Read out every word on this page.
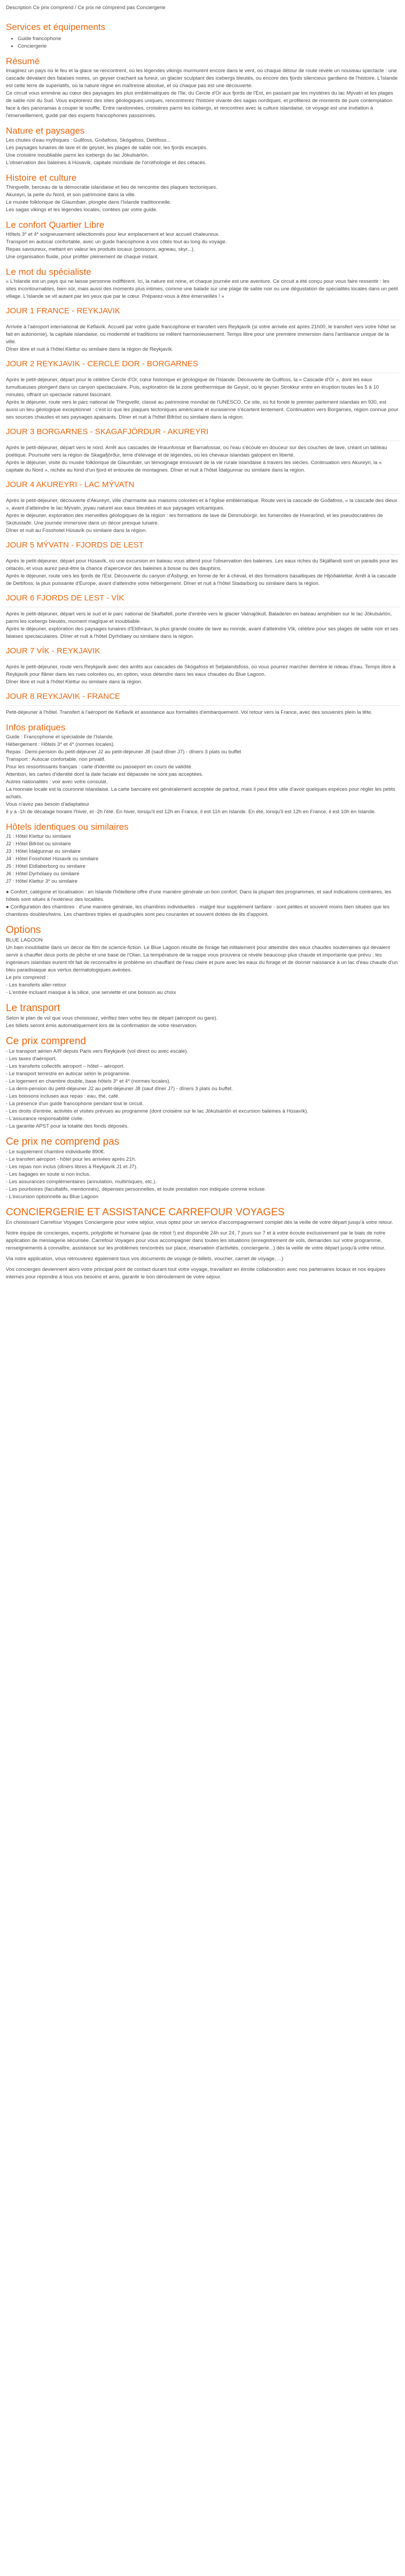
Description Ce prix comprend / Ce prix ne comprend pas Conciergerie
Services et équipements
• Guide francophone
• Conciergerie
Résumé

Imaginez un pays où le feu et la glace se rencontrent, où les légendes vikings murmurent encore dans le vent, où chaque détour de route révèle un nouveau spectacle : une cascade dévalant des falaises noires, un geyser crachant sa fureur, un glacier sculptant des icebergs bleutés, ou encore des fjords silencieux gardiens de l'histoire. L'Islande est cette terre de superlatifs, où la nature règne en maîtresse absolue, et où chaque pas est une découverte.

Ce circuit vous emmène au cœur des paysages les plus emblématiques de l'île, du Cercle d'Or aux fjords de l'Est, en passant par les mystères du lac Mývatn et les plages de sable noir du Sud. Vous explorerez des sites géologiques uniques, rencontrerez l'histoire vivante des sagas nordiques, et profiterez de moments de pure contemplation face à des panoramas à couper le souffle. Entre randonnées, croisières parmi les icebergs, et rencontres avec la culture islandaise, ce voyage est une invitation à l'émerveillement, guidé par des experts francophones passionnés.

Nature et paysages

Les chutes d'eau mythiques : Gullfoss, Goðafoss, Skógafoss, Dettifoss...

Les paysages lunaires de lave et de geyser, les plages de sable noir, les fjords escarpés.

Une croisière inoubliable parmi les icebergs du lac Jökulsárlón.

L'observation des baleines à Húsavík, capitale mondiale de l'ornithologie et des cétacés.

Histoire et culture

Thingvellir, berceau de la démocratie islandaise et lieu de rencontre des plaques tectoniques.

Akureyri, la perle du Nord, et son patrimoine dans la ville.

Le musée folklorique de Glaumbær, plongée dans l'Islande traditionnelle.

Les sagas vikings et les légendes locales, contées par votre guide.

Le confort Quartier Libre

Hôtels 3* et 4* soigneusement sélectionnés pour leur emplacement et leur accueil chaleureux.

Transport en autocar confortable, avec un guide francophone à vos côtés tout au long du voyage.

Repas savoureux, mettant en valeur les produits locaux (poissons, agneau, skyr...).

Une organisation fluide, pour profiter pleinement de chaque instant.

Le mot du spécialiste

« L'Islande est un pays qui ne laisse personne indifférent. Ici, la nature est reine, et chaque journée est une aventure. Ce circuit a été conçu pour vous faire ressentir : les sites incontournables, bien sûr, mais aussi des moments plus intimes, comme une balade sur une plage de sable noir ou une dégustation de spécialités locales dans un petit village. L'Islande se vit autant par les yeux que par le cœur. Préparez-vous à être émerveillés ! »

JOUR 1 FRANCE - REYKJAVIK

Arrivée à l'aéroport international de Keflavík. Accueil par votre guide francophone et transfert vers Reykjavík (si votre arrivée est après 21h00, le transfert vers votre hôtel se fait en autonomie), la capitale islandaise, où modernité et traditions se mêlent harmonieusement. Temps libre pour une première immersion dans l'ambiance unique de la ville.

Dîner libre et nuit à l'hôtel Klettur ou similaire dans la région de Reykjavík.

JOUR 2 REYKJAVIK - CERCLE DOR - BORGARNES

Après le petit-déjeuner, départ pour le célèbre Cercle d'Or, cœur historique et géologique de l'Islande. Découverte de Gullfoss, la « Cascade d'Or », dont les eaux tumultueuses plongent dans un canyon spectaculaire. Puis, exploration de la zone géothermique de Geysir, où le geyser Strokkur entre en éruption toutes les 5 à 10 minutes, offrant un spectacle naturel fascinant.

Après le déjeuner, route vers le parc national de Thingvellir, classé au patrimoine mondial de l'UNESCO. Ce site, où fut fondé le premier parlement islandais en 930, est aussi un lieu géologique exceptionnel : c'est ici que les plaques tectoniques américaine et eurasienne s'écartent lentement. Continuation vers Borgarnes, région connue pour ses sources chaudes et ses paysages apaisants. Dîner et nuit à l'hôtel Bifröst ou similaire dans la région.

JOUR 3 BORGARNES - SKAGAFJÖRDUR - AKUREYRI

Après le petit-déjeuner, départ vers le nord. Arrêt aux cascades de Hraunfossar et Barnafossar, où l'eau s'écoule en douceur sur des couches de lave, créant un tableau poétique. Poursuite vers la région de Skagafjörður, terre d'élevage et de légendes, où les chevaux islandais galopent en liberté.

Après le déjeuner, visite du musée folklorique de Glaumbær, un témoignage émouvant de la vie rurale islandaise à travers les siècles. Continuation vers Akureyri, la « capitale du Nord », nichée au fond d'un fjord et entourée de montagnes. Dîner et nuit à l'hôtel Ìdalgunnar ou similaire dans la région.

JOUR 4 AKUREYRI - LAC MÝVATN

Après le petit-déjeuner, découverte d'Akureyri, ville charmante aux maisons colorées et à l'église emblématique. Route vers la cascade de Goðafoss, « la cascade des dieux », avant d'atteindre le lac Mývatn, joyau naturel aux eaux bleutées et aux paysages volcaniques.

Après le déjeuner, exploration des merveilles géologiques de la région : les formations de lave de Dimmuborgir, les fumerolles de Hverarönd, et les pseudocratères de Skútustaðir. Une journée immersive dans un décor presque lunaire.

Dîner et nuit au Fosshotel Húsavík ou similaire dans la région.

JOUR 5 MÝVATN - FJORDS DE LEST

Après le petit-déjeuner, départ pour Húsavík, où une excursion en bateau vous attend pour l'observation des baleines. Les eaux riches du Skjálfandi sont un paradis pour les cétacés, et vous aurez peut-être la chance d'apercevoir des baleines à bosse ou des dauphins.

Après le déjeuner, route vers les fjords de l'Est. Découverte du canyon d'Ásbyrgi, en forme de fer à cheval, et des formations basaltiques de Hljóðaklettar. Arrêt à la cascade de Dettifoss, la plus puissante d'Europe, avant d'atteindre votre hébergement. Dîner et nuit à l'hôtel Stadarborg ou similaire dans la région.

JOUR 6 FJORDS DE LEST - VÍK

Après le petit-déjeuner, départ vers le sud et le parc national de Skaftafell, porte d'entrée vers le glacier Vatnajökull. Balade/en en bateau amphibien sur le lac Jökulsárlón, parmi les icebergs bleutés, moment magique et inoubliable.

Après le déjeuner, exploration des paysages lunaires d'Eldhraun, la plus grande coulée de lave au monde, avant d'atteindre Vík, célèbre pour ses plages de sable noir et ses falaises spectaculaires. Dîner et nuit à l'hôtel Dyrhólaey ou similaire dans la région.

JOUR 7 VÍK - REYKJAVIK

Après le petit-déjeuner, route vers Reykjavík avec des arrêts aux cascades de Skógafoss et Seljalandsfoss, où vous pourrez marcher derrière le rideau d'eau. Temps libre à Reykjavík pour flâner dans les rues colorées ou, en option, vous détendre dans les eaux chaudes du Blue Lagoon.

Dîner libre et nuit à l'hôtel Klettur ou similaire dans la région.

JOUR 8 REYKJAVIK - FRANCE

Petit-déjeuner à l'hôtel. Transfert à l'aéroport de Keflavík et assistance aux formalités d'embarquement. Vol retour vers la France, avec des souvenirs plein la tête.

Infos pratiques

Guide : Francophone et spécialiste de l'Islande.

Hébergement : Hôtels 3* et 4* (normes locales).

Repas : Demi-pension du petit-déjeuner J2 au petit-déjeuner J8 (sauf dîner J7) - dîners 3 plats ou buffet

Transport : Autocar confortable, non privatif.

Pour les ressortissants français : carte d'identité ou passeport en cours de validité.

Attention, les cartes d'identité dont la date faciale est dépassée ne sont pas acceptées.

Autres nationalités : voir avec votre consulat.

La monnaie locale est la couronne islandaise. La carte bancaire est généralement acceptée de partout, mais il peut être utile d'avoir quelques espèces pour régler les petits achats.

Vous n'avez pas besoin d'adaptateur

Il y a -1h de décalage horaire l'hiver, et -2h l'été. En hiver, lorsqu'il est 12h en France, il est 11h en Islande. En été, lorsqu'il est 12h en France, il est 10h en Islande.

Hôtels identiques ou similaires

J1 : Hôtel Klettur ou similaire

J2 : Hôtel Bifröst ou similaire

J3 : Hôtel Ìdalgunnar ou similaire

J4 : Hôtel Fosshotel Húsavík ou similaire

J5 : Hôtel Eldlaberborg ou similaire

J6 : Hôtel Dyrhólaey ou similaire

J7 : Hôtel Klettur 3* ou similaire

● Confort, catégorie et localisation : en Islande l'hôtellerie offre d'une manière générale un bon confort. Dans la plupart des programmes, et sauf indications contraires, les hôtels sont situés à l'extérieur des localités.
● Configuration des chambres : d'une manière générale, les chambres individuelles - malgré leur supplément tarifaire - sont petites et souvent moins bien situées que les chambres doubles/twins. Les chambres triples et quadruples sont peu courantes et souvent dotées de lits d'appoint.

Options

BLUE LAGOON

Un bain inoubliable dans un décor de film de science-fiction. Le Blue Lagoon résulte de forage fait initialement pour atteindre des eaux chaudes souterraines qui devaient servir à chauffer deux ports de pêche et une base de l'Otan. La température de la nappe vous prouvera ce révèle beaucoup plus chaude et importante que prévu ; les ingénieurs islandais eurent tôt fait de reconnaître le problème en chauffant de l'eau claire et pure avec les eaux du forage et de donner naissance à un lac d'eau chaude d'un bleu paradisiaque aux vertus dermatologiques avérées.

Le prix comprend :

- Les transferts aller-retour

- L'entrée incluant masque à la silice, une serviette et une boisson au choix

Le transport

Selon le plan de vol que vous choisissez, vérifiez bien votre lieu de départ (aéroport ou gare).

Les billets seront émis automatiquement lors de la confirmation de votre réservation.

Ce prix comprend

- Le transport aérien A/R depuis Paris vers Reykjavik (vol direct ou avec escale).

- Les taxes d'aéroport.

- Les transferts collectifs aéroport – hôtel – aéroport.

- Le transport terrestre en autocar selon le programme.

- Le logement en chambre double, base hôtels 3* et 4* (normes locales).

- La demi-pension du petit-déjeuner J2 au petit-déjeuner J8 (sauf dîner J7) - dîners 3 plats ou buffet.

- Les boissons incluses aux repas : eau, thé, café.

- La présence d'un guide francophone pendant tout le circuit.

- Les droits d'entrée, activités et visites prévues au programme (dont croisière sur le lac Jökulsárlón et excursion baleines à Húsavík).

- L'assurance responsabilité civile.

- La garantie APST pour la totalité des fonds déposés.

Ce prix ne comprend pas

- Le supplément chambre individuelle 890€.

- Le transfert aéroport - hôtel pour les arrivées après 21h.

- Les repas non inclus (dîners libres à Reykjavík J1 et J7).

- Les bagages en soute si non inclus.

- Les assurances complémentaires (annulation, multirisques, etc.).

- Les pourboires (facultatifs, mentionnés), dépenses personnelles, et toute prestation non indiquée comme incluse.

- L'excursion optionnelle au Blue Lagoon

CONCIERGERIE ET ASSISTANCE CARREFOUR VOYAGES

En choisissant Carrefour Voyages Conciergerie pour votre séjour, vous optez pour un service d'accompagnement complet dès la veille de votre départ jusqu'à votre retour.

Notre équipe de concierges, experts, polyglotte et humaine (pas de robot !) est disponible 24h sur 24, 7 jours sur 7 et à votre écoute exclusivement par le biais de notre application de messagerie sécurisée. Carrefour Voyages pour vous accompagner dans toutes les situations (enregistrement de vols, demandes sur votre programme, renseignements à connaître, assistance sur les problèmes rencontrés sur place, réservation d'activités, conciergerie...) dès la veille de votre départ jusqu'à votre retour.

Via notre application, vous retrouverez également tous vos documents de voyage (e-billets, voucher, carnet de voyage, ...)

Vos concierges deviennent alors votre principal point de contact durant tout votre voyage, travaillant en étroite collaboration avec nos partenaires locaux et nos équipes internes pour répondre à tous vos besoins et ainsi, garantir le bon déroulement de votre séjour.
